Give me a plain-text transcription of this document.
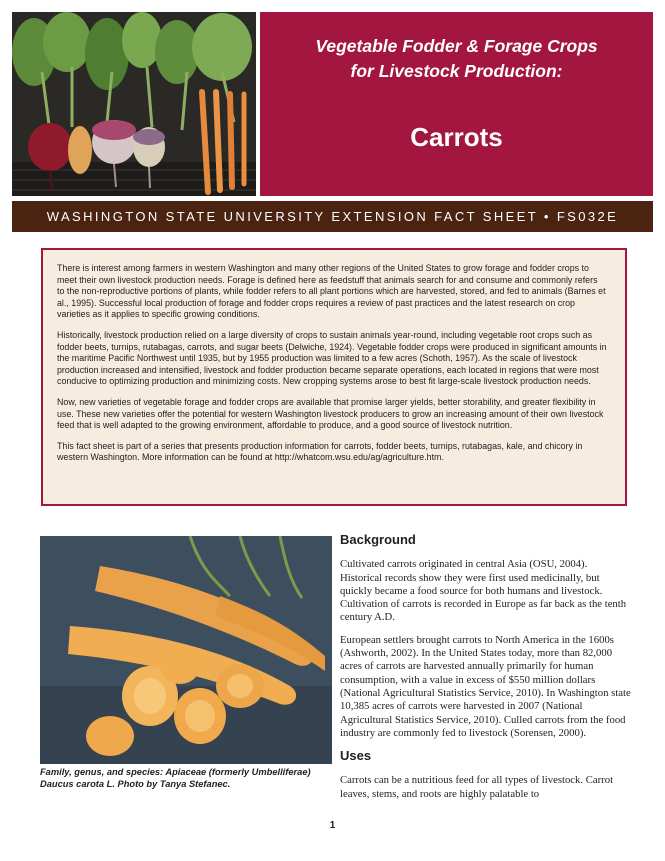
Vegetable Fodder & Forage Crops
for Livestock Production:
Carrots
WASHINGTON STATE UNIVERSITY EXTENSION FACT SHEET • FS032E

There is interest among farmers in western Washington and many other regions of the United States to grow forage and fodder crops to meet their own livestock production needs. Forage is defined here as feedstuff that animals search for and consume and commonly refers to the non-reproductive portions of plants, while fodder refers to all plant portions which are harvested, stored, and fed to animals (Barnes et al., 1995). Successful local production of forage and fodder crops requires a review of past practices and the latest research on crop varieties as it applies to specific growing conditions.

Historically, livestock production relied on a large diversity of crops to sustain animals year-round, including vegetable root crops such as fodder beets, turnips, rutabagas, carrots, and sugar beets (Delwiche, 1924). Vegetable fodder crops were produced in significant amounts in the maritime Pacific Northwest until 1935, but by 1955 production was limited to a few acres (Schoth, 1957). As the scale of livestock production increased and intensified, livestock and fodder production became separate operations, each located in regions that were most conducive to optimizing production and minimizing costs. New cropping systems arose to best fit large-scale livestock production needs.

Now, new varieties of vegetable forage and fodder crops are available that promise larger yields, better storability, and greater flexibility in use. These new varieties offer the potential for western Washington livestock producers to grow an increasing amount of their own livestock feed that is well adapted to the growing environment, affordable to produce, and a good source of livestock nutrition.

This fact sheet is part of a series that presents production information for carrots, fodder beets, turnips, rutabagas, kale, and chicory in western Washington. More information can be found at http://whatcom.wsu.edu/ag/agriculture.htm.

Family, genus, and species: Apiaceae (formerly Umbelliferae)
Daucus carota L. Photo by Tanya Stefanec.
Background

Cultivated carrots originated in central Asia (OSU, 2004). Historical records show they were first used medicinally, but quickly became a food source for both humans and livestock. Cultivation of carrots is recorded in Europe as far back as the tenth century A.D.

European settlers brought carrots to North America in the 1600s (Ashworth, 2002). In the United States today, more than 82,000 acres of carrots are harvested annually primarily for human consumption, with a value in excess of $550 million dollars (National Agricultural Statistics Service, 2010). In Washington state 10,385 acres of carrots were harvested in 2007 (National Agricultural Statistics Service, 2010). Culled carrots from the food industry are commonly fed to livestock (Sorensen, 2000).

Uses

Carrots can be a nutritious feed for all types of livestock. Carrot leaves, stems, and roots are highly palatable to

1
